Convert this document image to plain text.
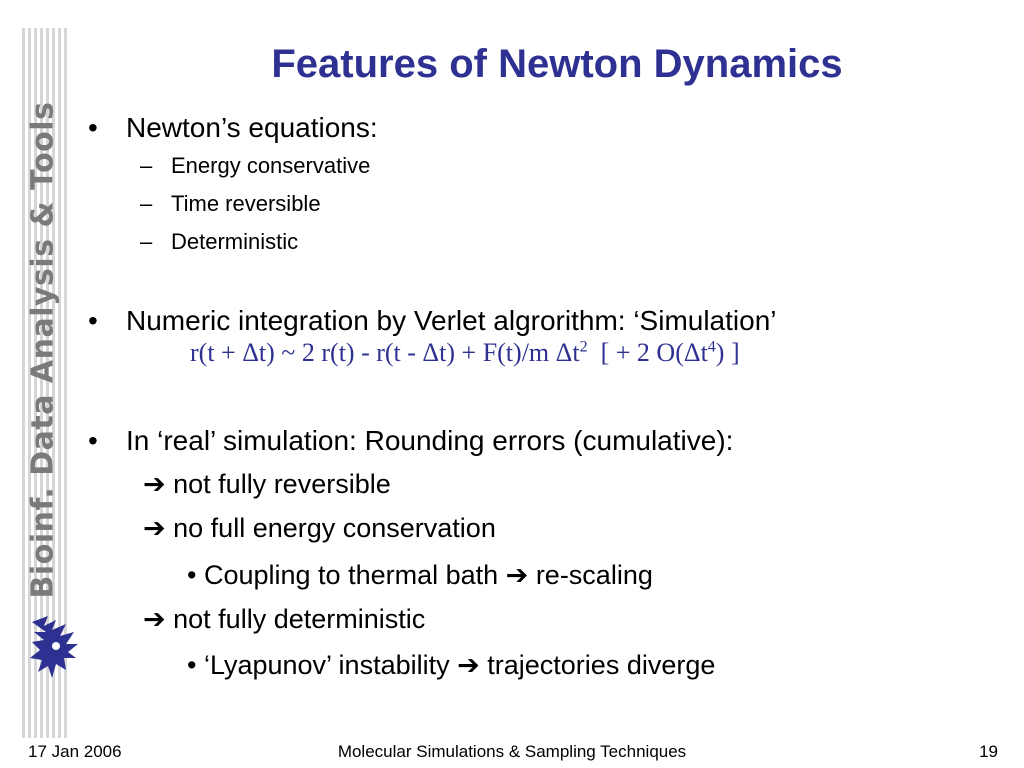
Bioinf. Data Analysis & Tools
Features of Newton Dynamics
• Newton’s equations:
– Energy conservative
– Time reversible
– Deterministic
• Numeric integration by Verlet algrorithm: ‘Simulation’
r(t + Δt) ~ 2 r(t) - r(t - Δt) + F(t)/m $\Delta t^2$ [ + 2 $O(\Delta t^4)$ ]
• In ‘real’ simulation: Rounding errors (cumulative):
➔ not fully reversible
➔ no full energy conservation
• Coupling to thermal bath ➔ re-scaling
➔ not fully deterministic
• ‘Lyapunov’ instability ➔ trajectories diverge
17 Jan 2006	Molecular Simulations & Sampling Techniques	19
